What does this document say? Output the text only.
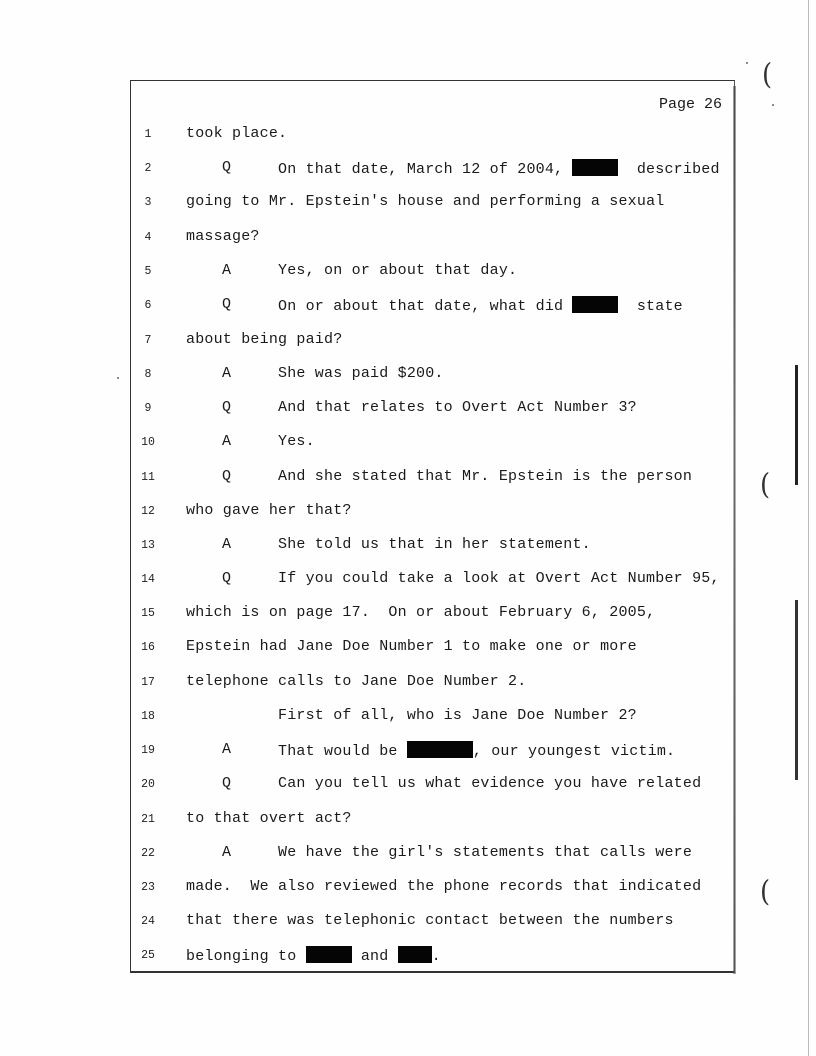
(
(
(
Page 26
1	took place.
2	Q	On that date, March 12 of 2004,	described
3	going to Mr. Epstein's house and performing a sexual
4	massage?
5	A	Yes, on or about that day.
6	Q	On or about that date, what did	state
7	about being paid?
8	A	She was paid $200.
9	Q	And that relates to Overt Act Number 3?
10	A	Yes.
11	Q	And she stated that Mr. Epstein is the person
12	who gave her that?
13	A	She told us that in her statement.
14	Q	If you could take a look at Overt Act Number 95,
15	which is on page 17.  On or about February 6, 2005,
16	Epstein had Jane Doe Number 1 to make one or more
17	telephone calls to Jane Doe Number 2.
18	First of all, who is Jane Doe Number 2?
19	A	That would be	, our youngest victim.
20	Q	Can you tell us what evidence you have related
21	to that overt act?
22	A	We have the girl's statements that calls were
23	made.  We also reviewed the phone records that indicated
24	that there was telephonic contact between the numbers
25	belonging to	and	.
